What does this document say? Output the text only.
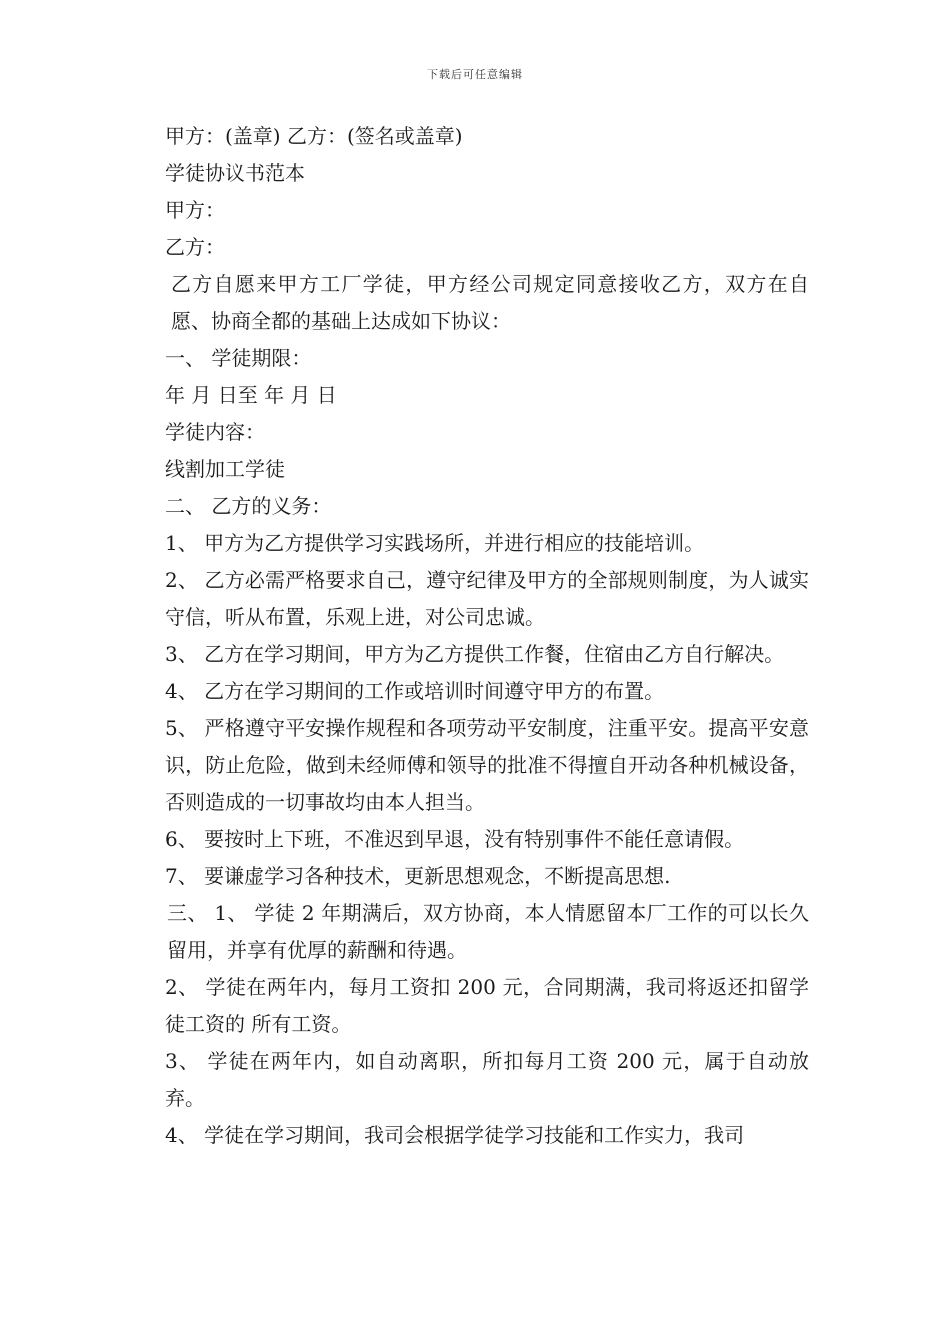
下载后可任意编辑
甲方：(盖章) 乙方：(签名或盖章)
学徒协议书范本
甲方：
乙方：
乙方自愿来甲方工厂学徒，甲方经公司规定同意接收乙方，双方在自愿、协商全都的基础上达成如下协议：
一、 学徒期限：
年 月 日至 年 月 日
学徒内容：
线割加工学徒
二、 乙方的义务：
1、 甲方为乙方提供学习实践场所，并进行相应的技能培训。
2、 乙方必需严格要求自己，遵守纪律及甲方的全部规则制度，为人诚实守信，听从布置，乐观上进，对公司忠诚。
3、 乙方在学习期间，甲方为乙方提供工作餐，住宿由乙方自行解决。
4、 乙方在学习期间的工作或培训时间遵守甲方的布置。
5、 严格遵守平安操作规程和各项劳动平安制度，注重平安。提高平安意识，防止危险，做到未经师傅和领导的批准不得擅自开动各种机械设备，否则造成的一切事故均由本人担当。
6、 要按时上下班，不准迟到早退，没有特别事件不能任意请假。
7、 要谦虚学习各种技术，更新思想观念，不断提高思想.
三、 1、 学徒 2 年期满后，双方协商，本人情愿留本厂工作的可以长久留用，并享有优厚的薪酬和待遇。
2、 学徒在两年内，每月工资扣 200 元，合同期满，我司将返还扣留学徒工资的 所有工资。
3、 学徒在两年内，如自动离职，所扣每月工资 200 元，属于自动放弃。
4、 学徒在学习期间，我司会根据学徒学习技能和工作实力，我司
